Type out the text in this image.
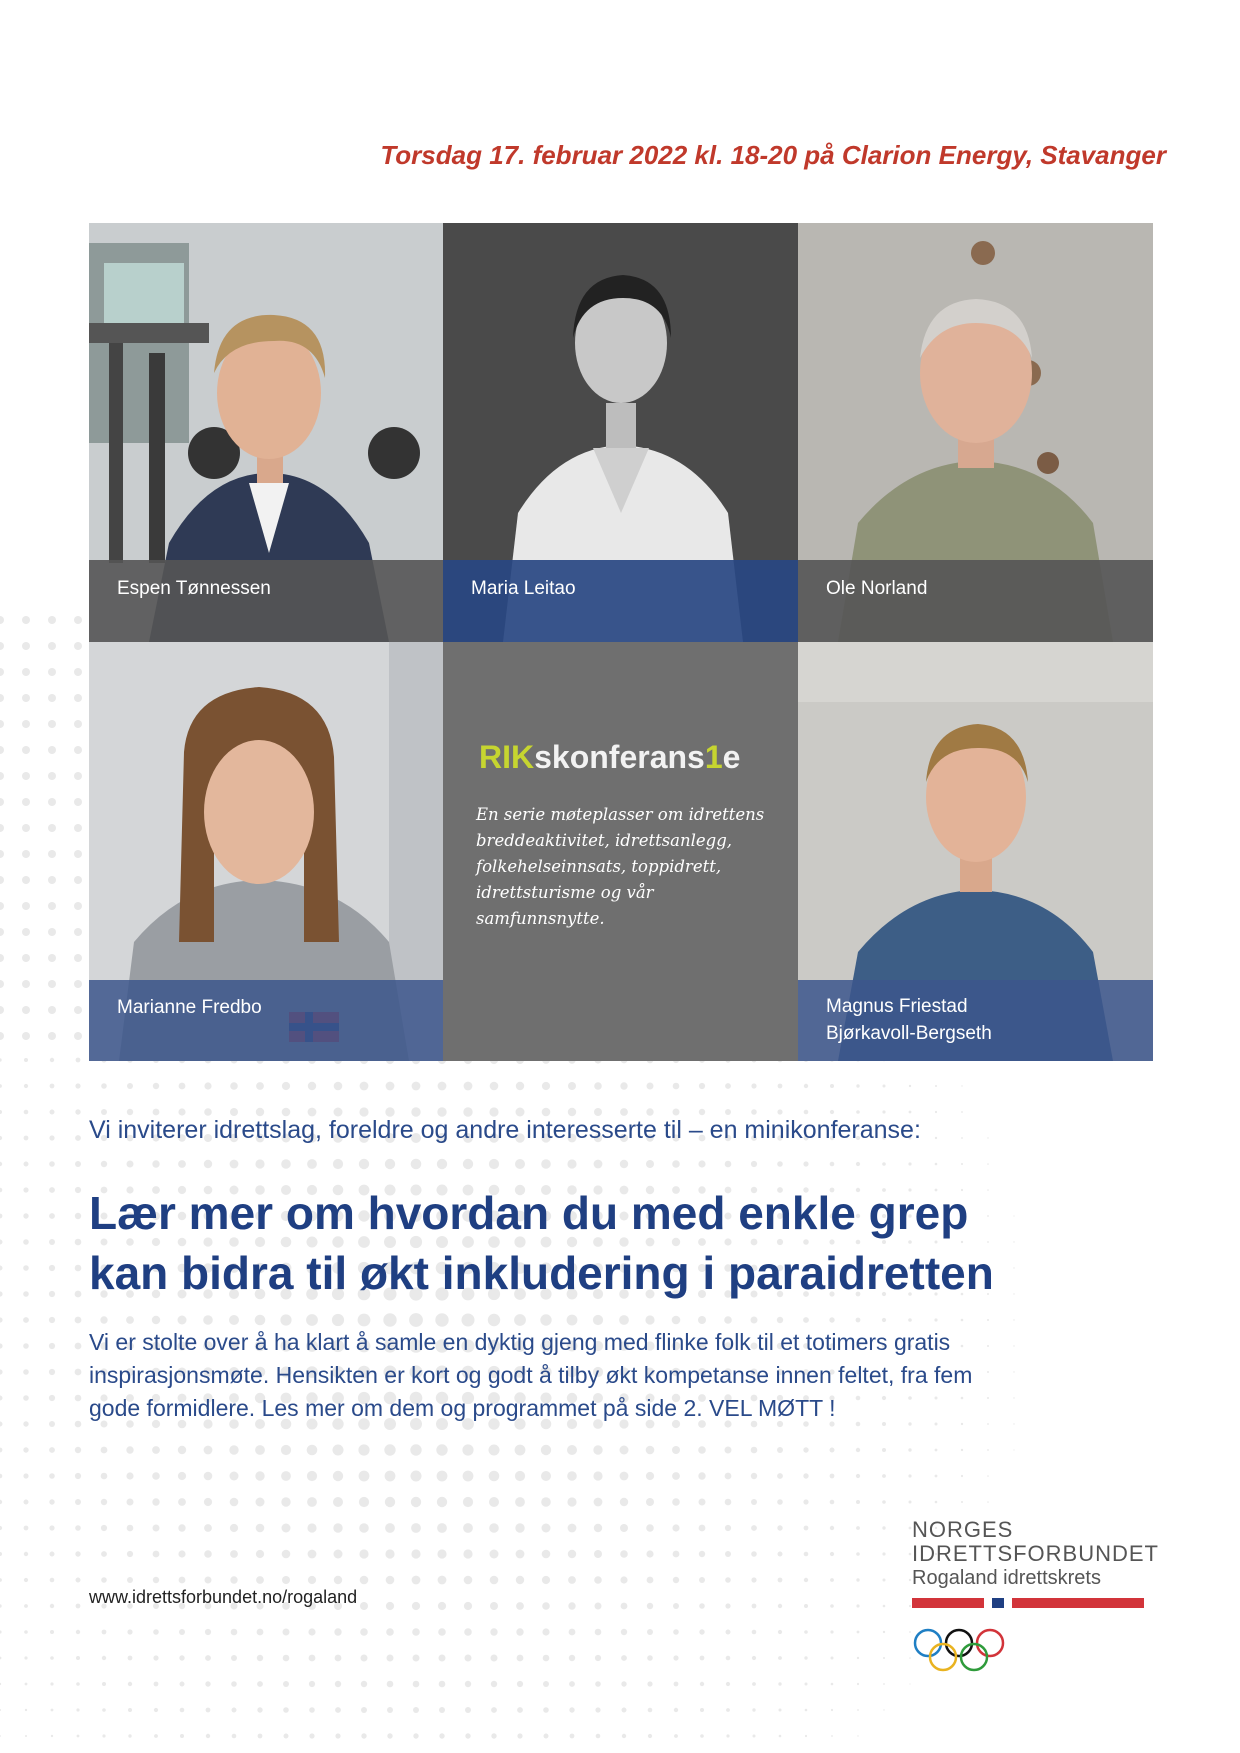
Torsdag 17. februar 2022 kl. 18-20 på Clarion Energy, Stavanger
Espen Tønnessen	Maria Leitao	Ole Norland
Marianne Fredbo
RIKskonferans1e
En serie møteplasser om idrettens breddeaktivitet, idrettsanlegg, folkehelseinnsats, toppidrett, idrettsturisme og vår samfunnsnytte.
Magnus Friestad
Bjørkavoll-Bergseth
Vi inviterer idrettslag, foreldre og andre interesserte til – en minikonferanse:
Lær mer om hvordan du med enkle grep
kan bidra til økt inkludering i paraidretten
Vi er stolte over å ha klart å samle en dyktig gjeng med flinke folk til et totimers gratis
inspirasjonsmøte. Hensikten er kort og godt å tilby økt kompetanse innen feltet, fra fem
gode formidlere. Les mer om dem og programmet på side 2. VEL MØTT !
www.idrettsforbundet.no/rogaland
NORGES
IDRETTSFORBUNDET
Rogaland idrettskrets
